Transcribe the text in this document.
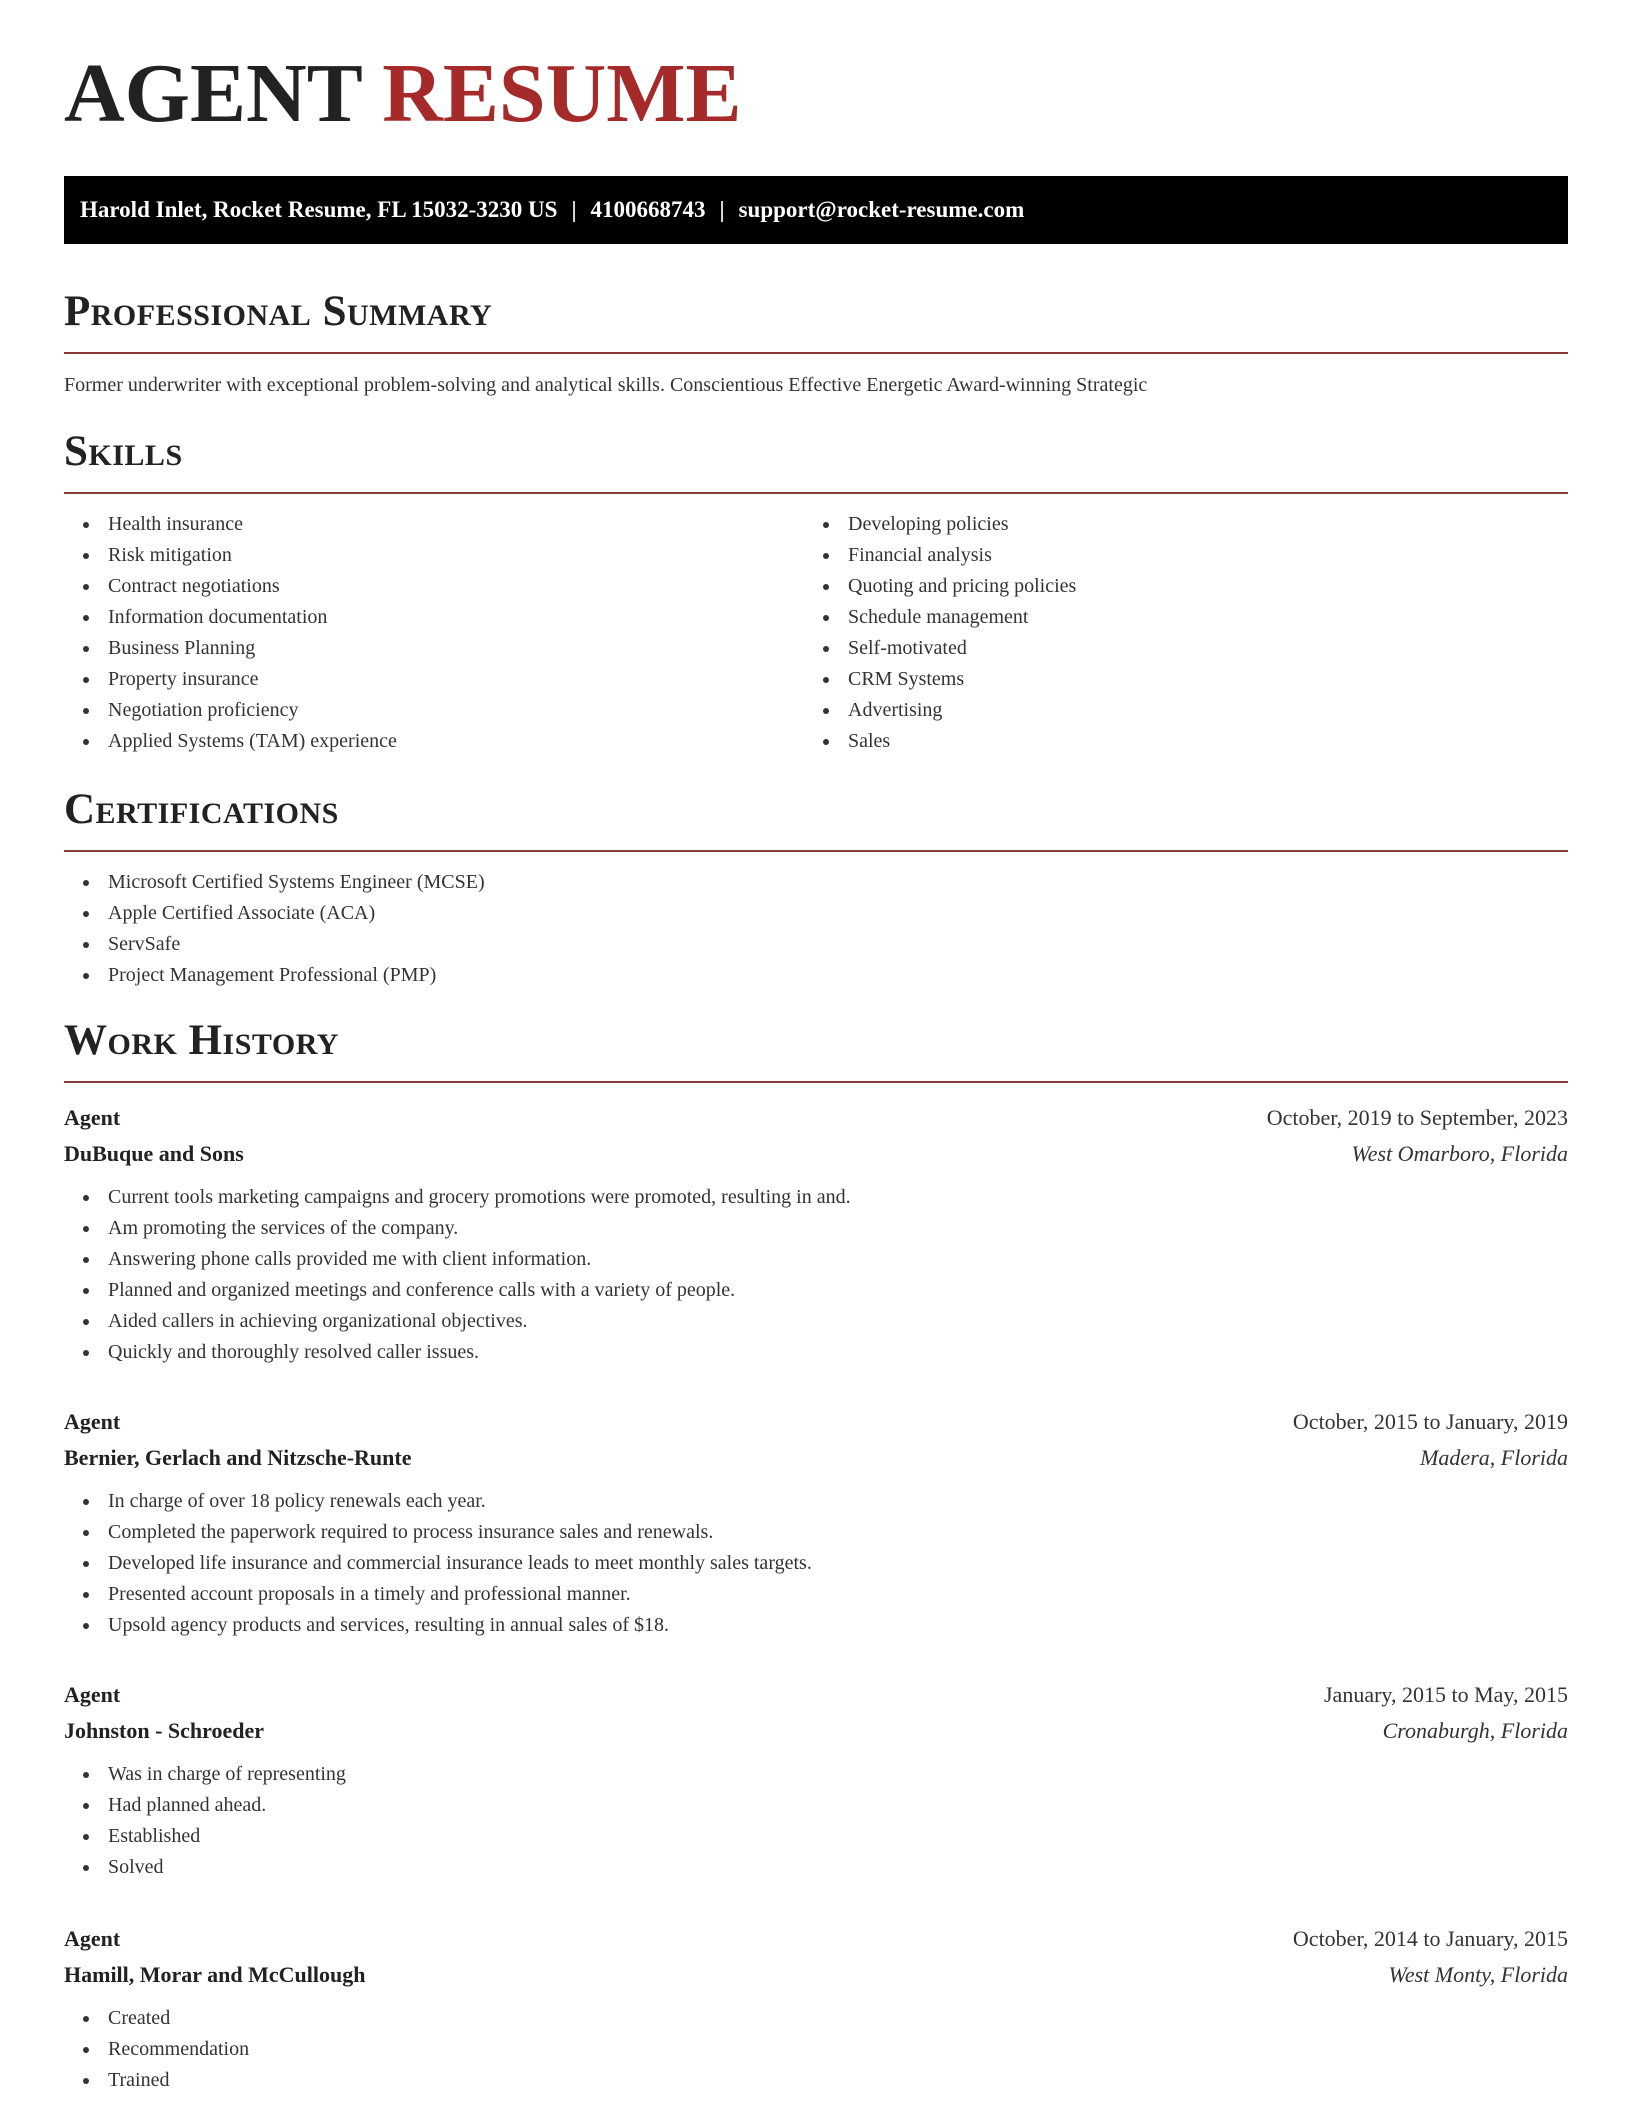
AGENT RESUME
Harold Inlet, Rocket Resume, FL 15032-3230 US | 4100668743 | support@rocket-resume.com
Professional Summary
Former underwriter with exceptional problem-solving and analytical skills. Conscientious Effective Energetic Award-winning Strategic
Skills
Health insurance
Risk mitigation
Contract negotiations
Information documentation
Business Planning
Property insurance
Negotiation proficiency
Applied Systems (TAM) experience
Developing policies
Financial analysis
Quoting and pricing policies
Schedule management
Self-motivated
CRM Systems
Advertising
Sales
Certifications
Microsoft Certified Systems Engineer (MCSE)
Apple Certified Associate (ACA)
ServSafe
Project Management Professional (PMP)
Work History
Agent	October, 2019 to September, 2023
DuBuque and Sons	West Omarboro, Florida
Current tools marketing campaigns and grocery promotions were promoted, resulting in and.
Am promoting the services of the company.
Answering phone calls provided me with client information.
Planned and organized meetings and conference calls with a variety of people.
Aided callers in achieving organizational objectives.
Quickly and thoroughly resolved caller issues.
Agent	October, 2015 to January, 2019
Bernier, Gerlach and Nitzsche-Runte	Madera, Florida
In charge of over 18 policy renewals each year.
Completed the paperwork required to process insurance sales and renewals.
Developed life insurance and commercial insurance leads to meet monthly sales targets.
Presented account proposals in a timely and professional manner.
Upsold agency products and services, resulting in annual sales of $18.
Agent	January, 2015 to May, 2015
Johnston - Schroeder	Cronaburgh, Florida
Was in charge of representing
Had planned ahead.
Established
Solved
Agent	October, 2014 to January, 2015
Hamill, Morar and McCullough	West Monty, Florida
Created
Recommendation
Trained
